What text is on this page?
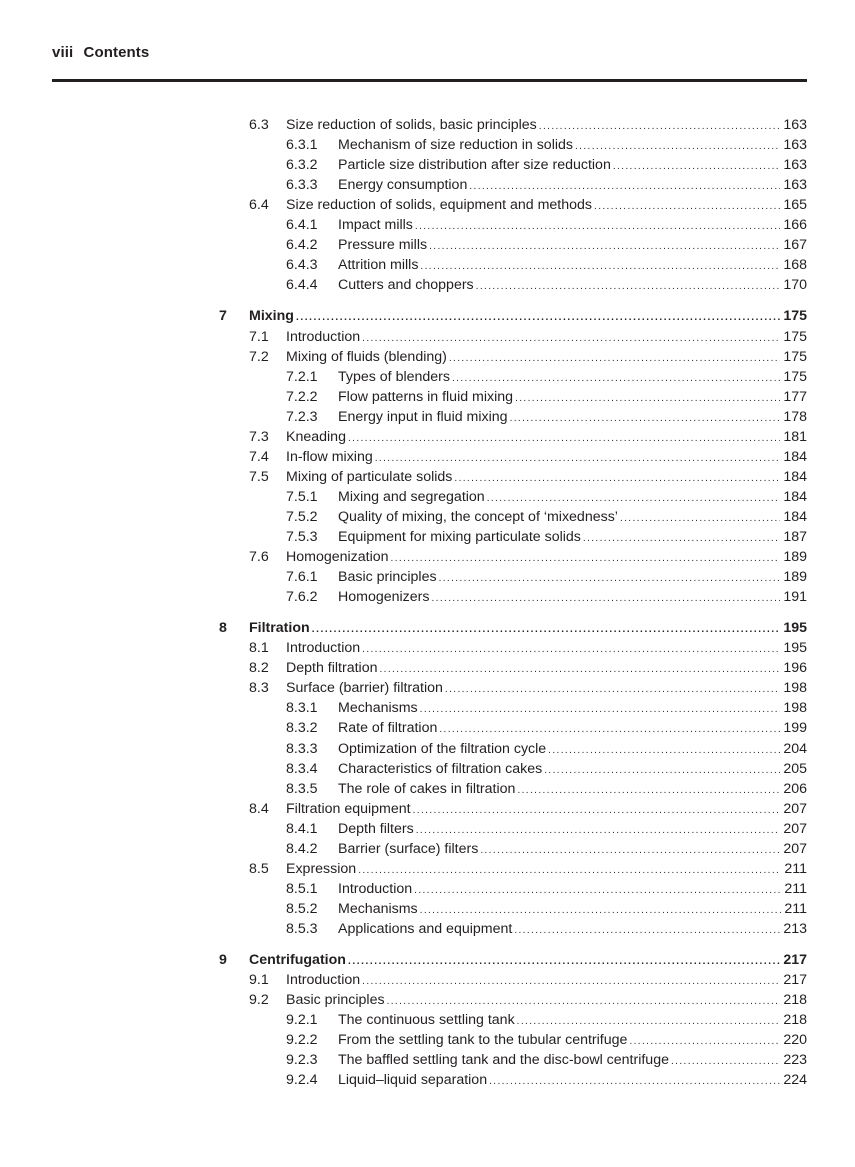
viii Contents
6.3	Size reduction of solids, basic principles .....	163
6.3.1	Mechanism of size reduction in solids .....	163
6.3.2	Particle size distribution after size reduction .....	163
6.3.3	Energy consumption .....	163
6.4	Size reduction of solids, equipment and methods .....	165
6.4.1	Impact mills .....	166
6.4.2	Pressure mills .....	167
6.4.3	Attrition mills .....	168
6.4.4	Cutters and choppers .....	170
7	Mixing .....	175
7.1	Introduction .....	175
7.2	Mixing of fluids (blending) .....	175
7.2.1	Types of blenders .....	175
7.2.2	Flow patterns in fluid mixing .....	177
7.2.3	Energy input in fluid mixing .....	178
7.3	Kneading .....	181
7.4	In-flow mixing .....	184
7.5	Mixing of particulate solids .....	184
7.5.1	Mixing and segregation .....	184
7.5.2	Quality of mixing, the concept of ‘mixedness’ .....	184
7.5.3	Equipment for mixing particulate solids .....	187
7.6	Homogenization .....	189
7.6.1	Basic principles .....	189
7.6.2	Homogenizers .....	191
8	Filtration .....	195
8.1	Introduction .....	195
8.2	Depth filtration .....	196
8.3	Surface (barrier) filtration .....	198
8.3.1	Mechanisms .....	198
8.3.2	Rate of filtration .....	199
8.3.3	Optimization of the filtration cycle .....	204
8.3.4	Characteristics of filtration cakes .....	205
8.3.5	The role of cakes in filtration .....	206
8.4	Filtration equipment .....	207
8.4.1	Depth filters .....	207
8.4.2	Barrier (surface) filters .....	207
8.5	Expression .....	211
8.5.1	Introduction .....	211
8.5.2	Mechanisms .....	211
8.5.3	Applications and equipment .....	213
9	Centrifugation .....	217
9.1	Introduction .....	217
9.2	Basic principles .....	218
9.2.1	The continuous settling tank .....	218
9.2.2	From the settling tank to the tubular centrifuge .....	220
9.2.3	The baffled settling tank and the disc-bowl centrifuge .....	223
9.2.4	Liquid–liquid separation .....	224
